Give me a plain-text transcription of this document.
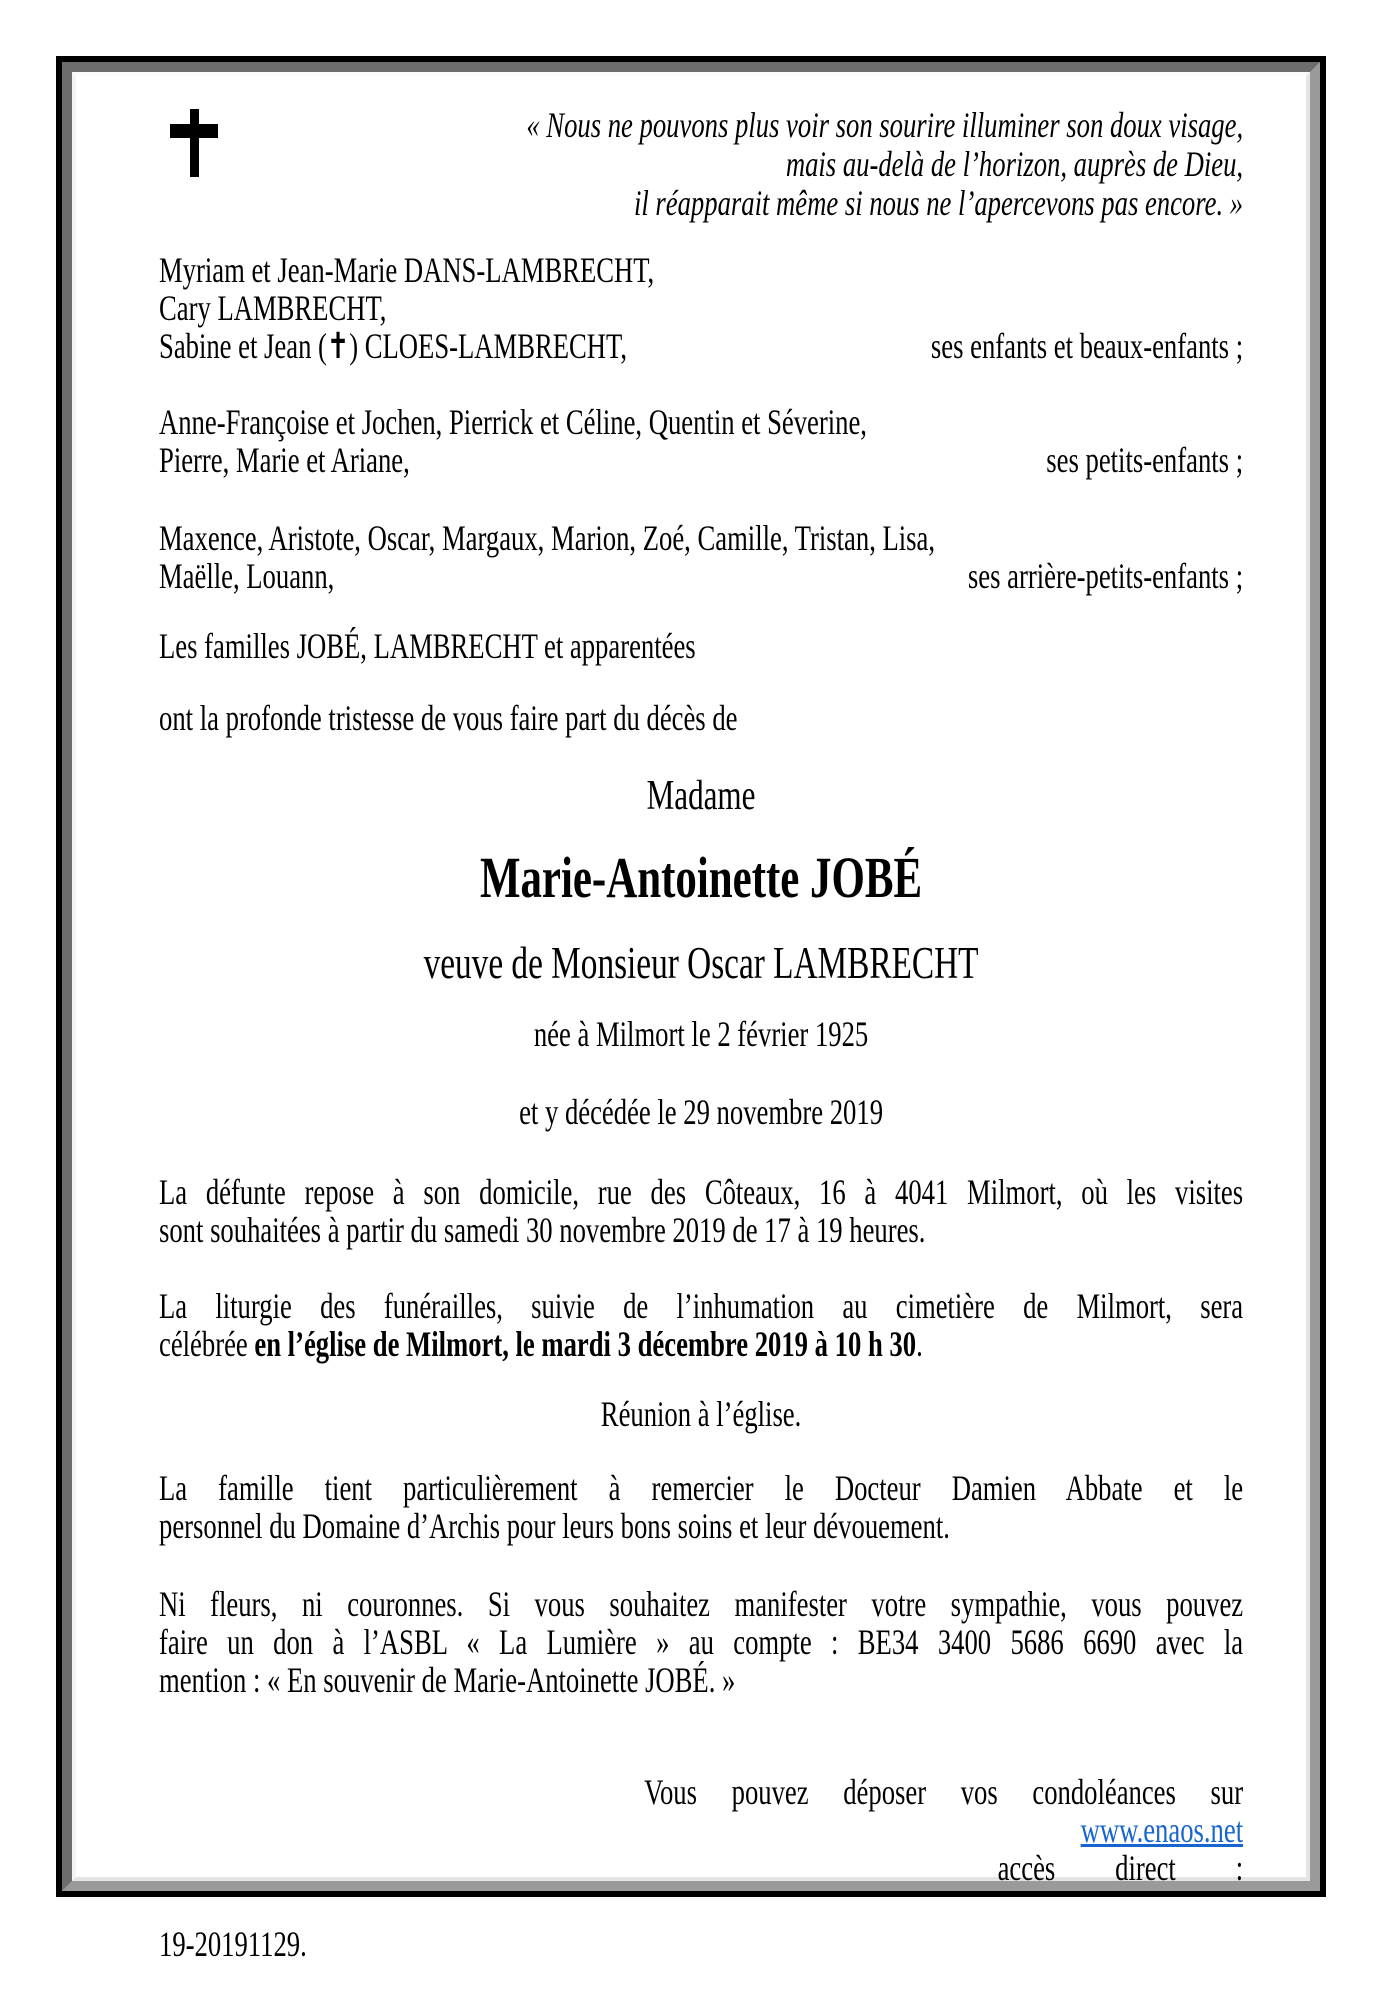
« Nous ne pouvons plus voir son sourire illuminer son doux visage,
mais au-delà de l’horizon, auprès de Dieu,
il réapparait même si nous ne l’apercevons pas encore. »
Myriam et Jean-Marie DANS-LAMBRECHT,
Cary LAMBRECHT,
Sabine et Jean (✝) CLOES-LAMBRECHT,	ses enfants et beaux-enfants ;
Anne-Françoise et Jochen, Pierrick et Céline, Quentin et Séverine,
Pierre, Marie et Ariane,	ses petits-enfants ;
Maxence, Aristote, Oscar, Margaux, Marion, Zoé, Camille, Tristan, Lisa,
Maëlle, Louann,	ses arrière-petits-enfants ;
Les familles JOBÉ, LAMBRECHT et apparentées
ont la profonde tristesse de vous faire part du décès de
Madame
Marie-Antoinette JOBÉ
veuve de Monsieur Oscar LAMBRECHT
née à Milmort le 2 février 1925
et y décédée le 29 novembre 2019
La défunte repose à son domicile, rue des Côteaux, 16 à 4041 Milmort, où les visites
sont souhaitées à partir du samedi 30 novembre 2019 de 17 à 19 heures.
La liturgie des funérailles, suivie de l’inhumation au cimetière de Milmort, sera
célébrée en l’église de Milmort, le mardi 3 décembre 2019 à 10 h 30.
Réunion à l’église.
La famille tient particulièrement à remercier le Docteur Damien Abbate et le
personnel du Domaine d’Archis pour leurs bons soins et leur dévouement.
Ni fleurs, ni couronnes. Si vous souhaitez manifester votre sympathie, vous pouvez
faire un don à l’ASBL « La Lumière » au compte : BE34 3400 5686 6690 avec la
mention : « En souvenir de Marie-Antoinette JOBÉ. »

Vous pouvez déposer vos condoléances sur
www.enaos.net
accès direct :

19-20191129.
